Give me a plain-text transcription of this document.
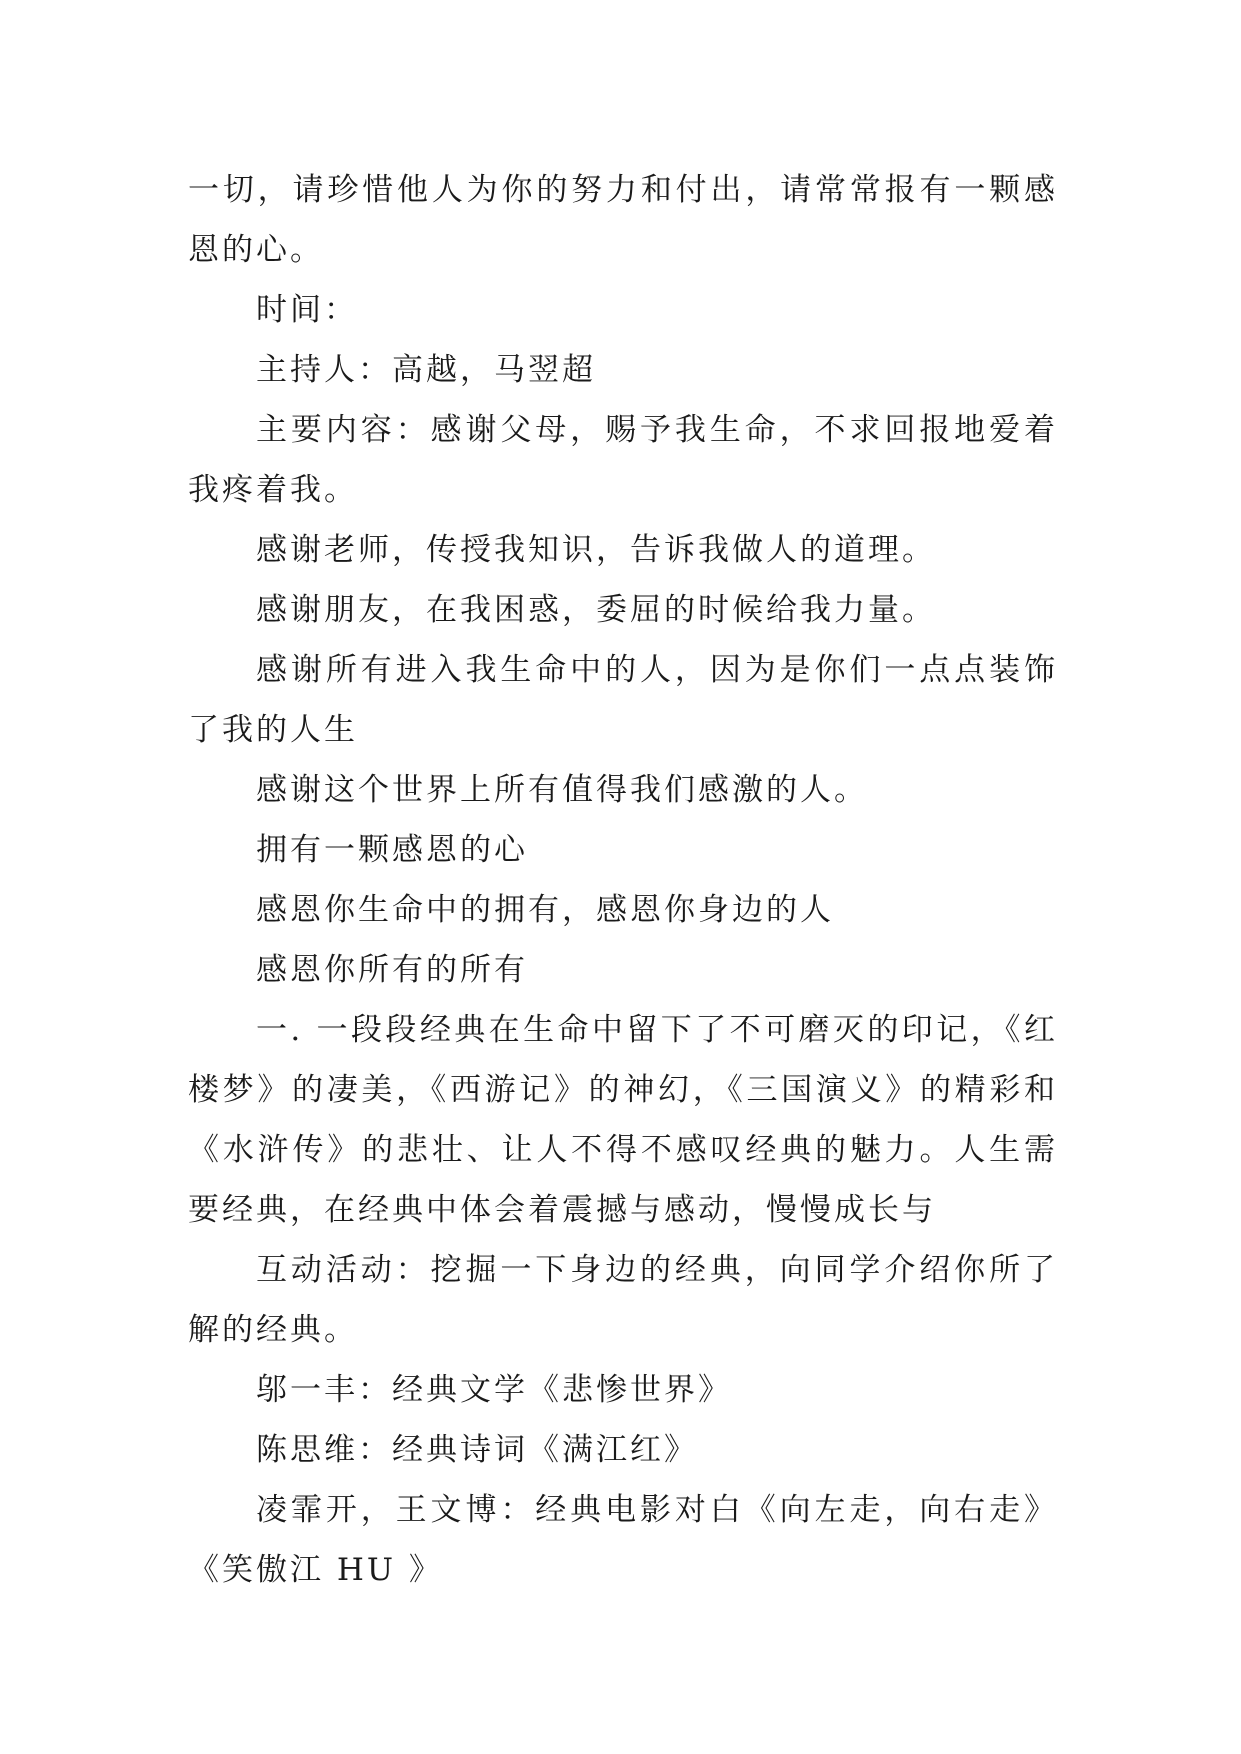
一切，请珍惜他人为你的努力和付出，请常常报有一颗感恩的心。

时间：

主持人：高越，马翌超

主要内容：感谢父母，赐予我生命，不求回报地爱着我疼着我。

感谢老师，传授我知识，告诉我做人的道理。

感谢朋友，在我困惑，委屈的时候给我力量。

感谢所有进入我生命中的人，因为是你们一点点装饰了我的人生

感谢这个世界上所有值得我们感激的人。

拥有一颗感恩的心

感恩你生命中的拥有，感恩你身边的人

感恩你所有的所有

一. 一段段经典在生命中留下了不可磨灭的印记，《红楼梦》的凄美，《西游记》的神幻，《三国演义》的精彩和《水浒传》的悲壮、让人不得不感叹经典的魅力。人生需要经典，在经典中体会着震撼与感动，慢慢成长与

互动活动：挖掘一下身边的经典，向同学介绍你所了解的经典。

邬一丰：经典文学《悲惨世界》

陈思维：经典诗词《满江红》

凌霏开，王文博：经典电影对白《向左走，向右走》《笑傲江 HU 》
